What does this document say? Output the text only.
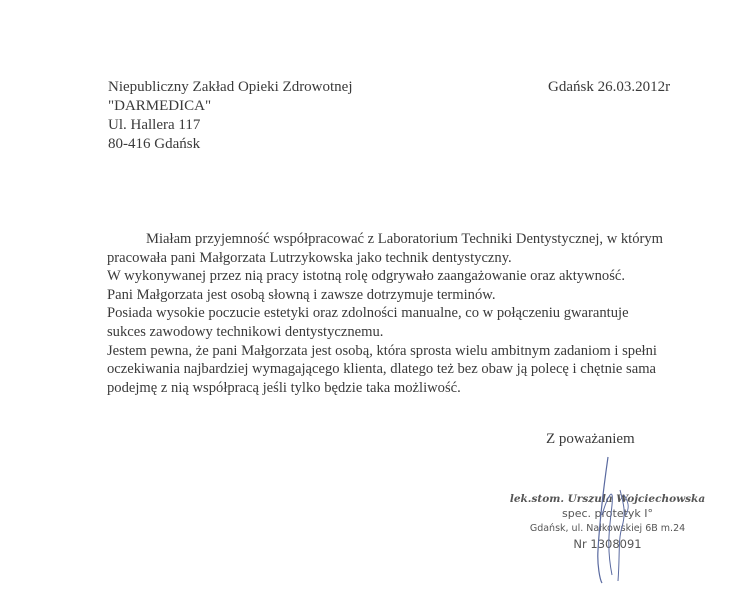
Niepubliczny Zakład Opieki Zdrowotnej
"DARMEDICA"
Ul. Hallera 117
80-416 Gdańsk
Gdańsk 26.03.2012r
Miałam przyjemność współpracować z Laboratorium Techniki Dentystycznej, w którym
pracowała pani Małgorzata Lutrzykowska jako technik dentystyczny.
W wykonywanej przez nią pracy istotną rolę odgrywało zaangażowanie oraz aktywność.
Pani Małgorzata jest osobą słowną i zawsze dotrzymuje terminów.
Posiada wysokie poczucie estetyki oraz zdolności manualne, co w połączeniu gwarantuje
sukces zawodowy technikowi dentystycznemu.
Jestem pewna, że pani Małgorzata jest osobą, która sprosta wielu ambitnym zadaniom i spełni
oczekiwania najbardziej wymagającego klienta, dlatego też bez obaw ją polecę i chętnie sama
podejmę z nią współpracą jeśli tylko będzie taka możliwość.
Z poważaniem
lek.stom. Urszula Wojciechowska
spec. protetyk I°
Gdańsk, ul. Nałkowskiej 6B m.24
Nr 1308091
